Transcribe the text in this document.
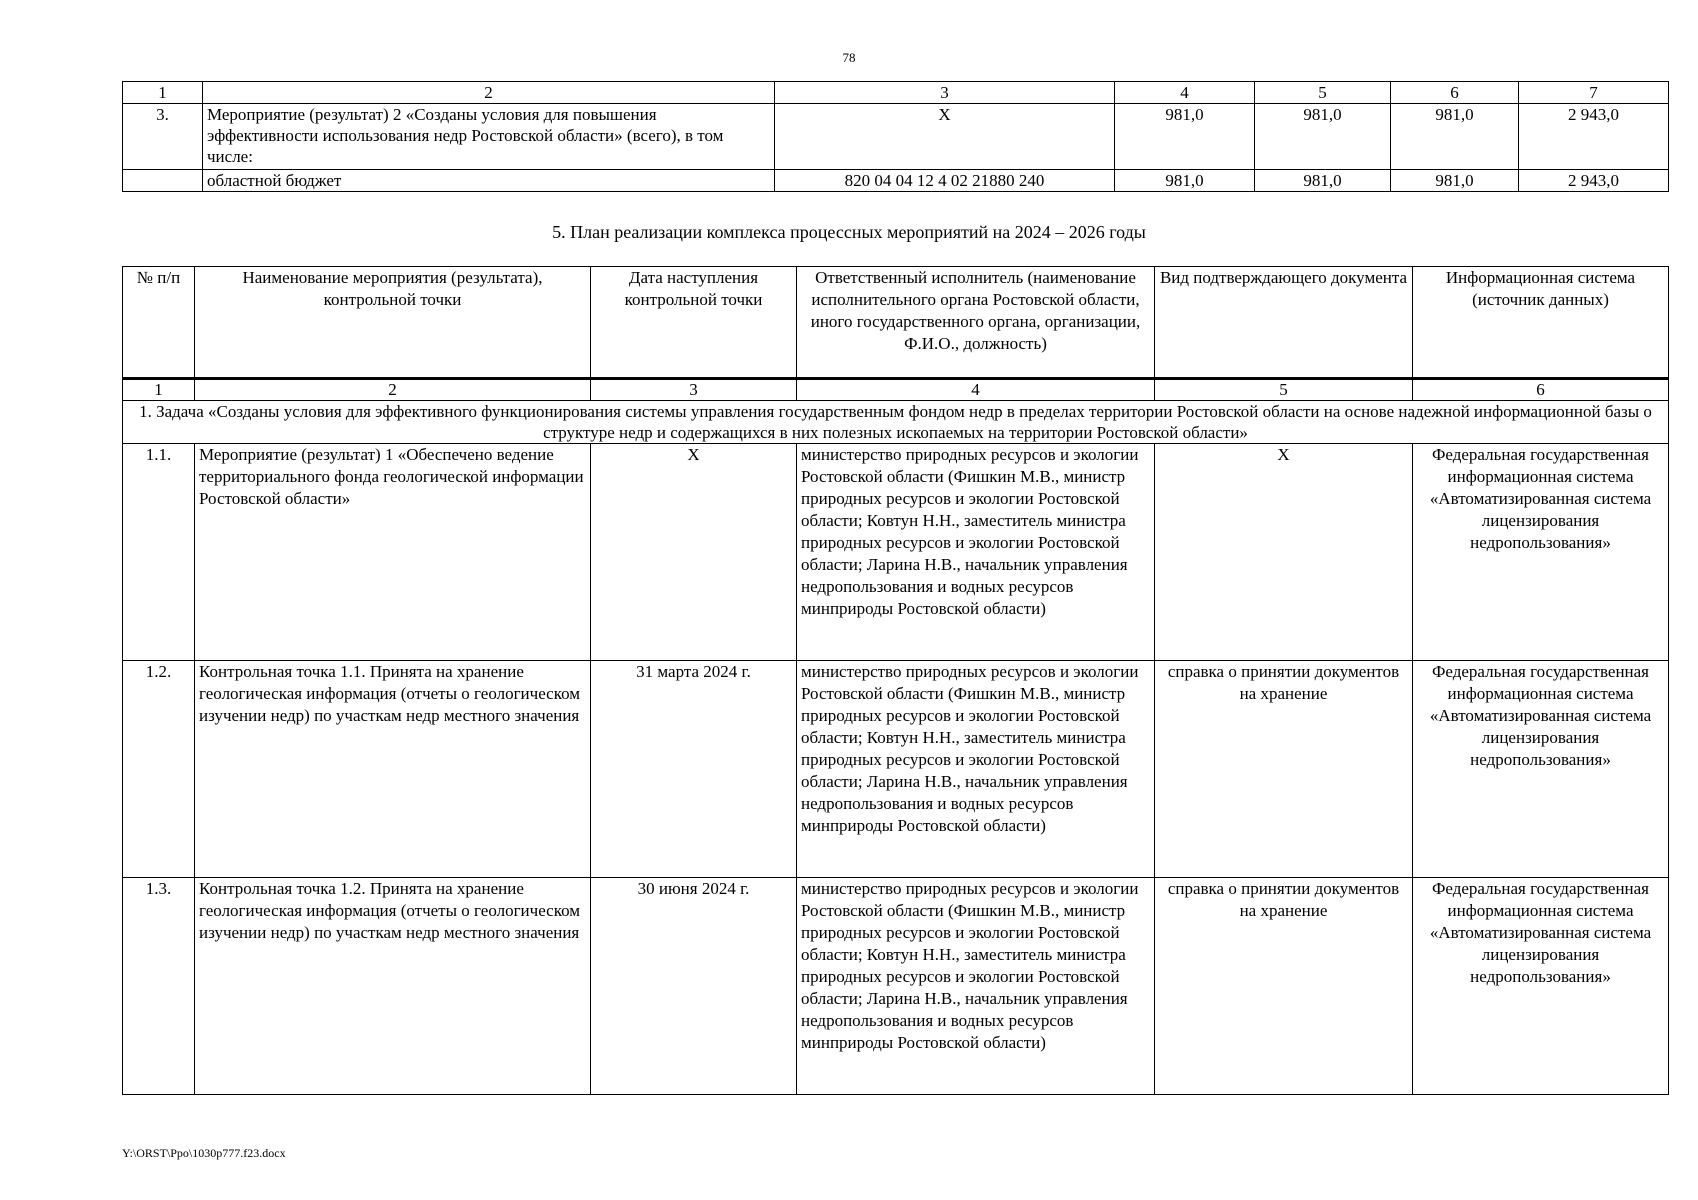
78
1	2	3	4	5	6	7
3.	Мероприятие (результат) 2 «Созданы условия для повышения эффективности использования недр Ростовской области» (всего), в том числе:	X	981,0	981,0	981,0	2 943,0
	областной бюджет	820 04 04 12 4 02 21880 240	981,0	981,0	981,0	2 943,0
5. План реализации комплекса процессных мероприятий на 2024 – 2026 годы
№ п/п	Наименование мероприятия (результата), контрольной точки	Дата наступления контрольной точки	Ответственный исполнитель (наименование исполнительного органа Ростовской области, иного государственного органа, организации, Ф.И.О., должность)	Вид подтверждающего документа	Информационная система (источник данных)
1	2	3	4	5	6
1. Задача «Созданы условия для эффективного функционирования системы управления государственным фондом недр в пределах территории Ростовской области на основе надежной информационной базы о структуре недр и содержащихся в них полезных ископаемых на территории Ростовской области»					
1.1.	Мероприятие (результат) 1 «Обеспечено ведение территориального фонда геологической информации Ростовской области»	X	министерство природных ресурсов и экологии Ростовской области (Фишкин М.В., министр природных ресурсов и экологии Ростовской области; Ковтун Н.Н., заместитель министра природных ресурсов и экологии Ростовской области; Ларина Н.В., начальник управления недропользования и водных ресурсов минприроды Ростовской области)	X	Федеральная государственная информационная система «Автоматизированная система лицензирования недропользования»
1.2.	Контрольная точка 1.1. Принята на хранение геологическая информация (отчеты о геологическом изучении недр) по участкам недр местного значения	31 марта 2024 г.	министерство природных ресурсов и экологии Ростовской области (Фишкин М.В., министр природных ресурсов и экологии Ростовской области; Ковтун Н.Н., заместитель министра природных ресурсов и экологии Ростовской области; Ларина Н.В., начальник управления недропользования и водных ресурсов минприроды Ростовской области)	справка о принятии документов на хранение	Федеральная государственная информационная система «Автоматизированная система лицензирования недропользования»
1.3.	Контрольная точка 1.2. Принята на хранение геологическая информация (отчеты о геологическом изучении недр) по участкам недр местного значения	30 июня 2024 г.	министерство природных ресурсов и экологии Ростовской области (Фишкин М.В., министр природных ресурсов и экологии Ростовской области; Ковтун Н.Н., заместитель министра природных ресурсов и экологии Ростовской области; Ларина Н.В., начальник управления недропользования и водных ресурсов минприроды Ростовской области)	справка о принятии документов на хранение	Федеральная государственная информационная система «Автоматизированная система лицензирования недропользования»
Y:\ORST\Ppo\1030p777.f23.docx
